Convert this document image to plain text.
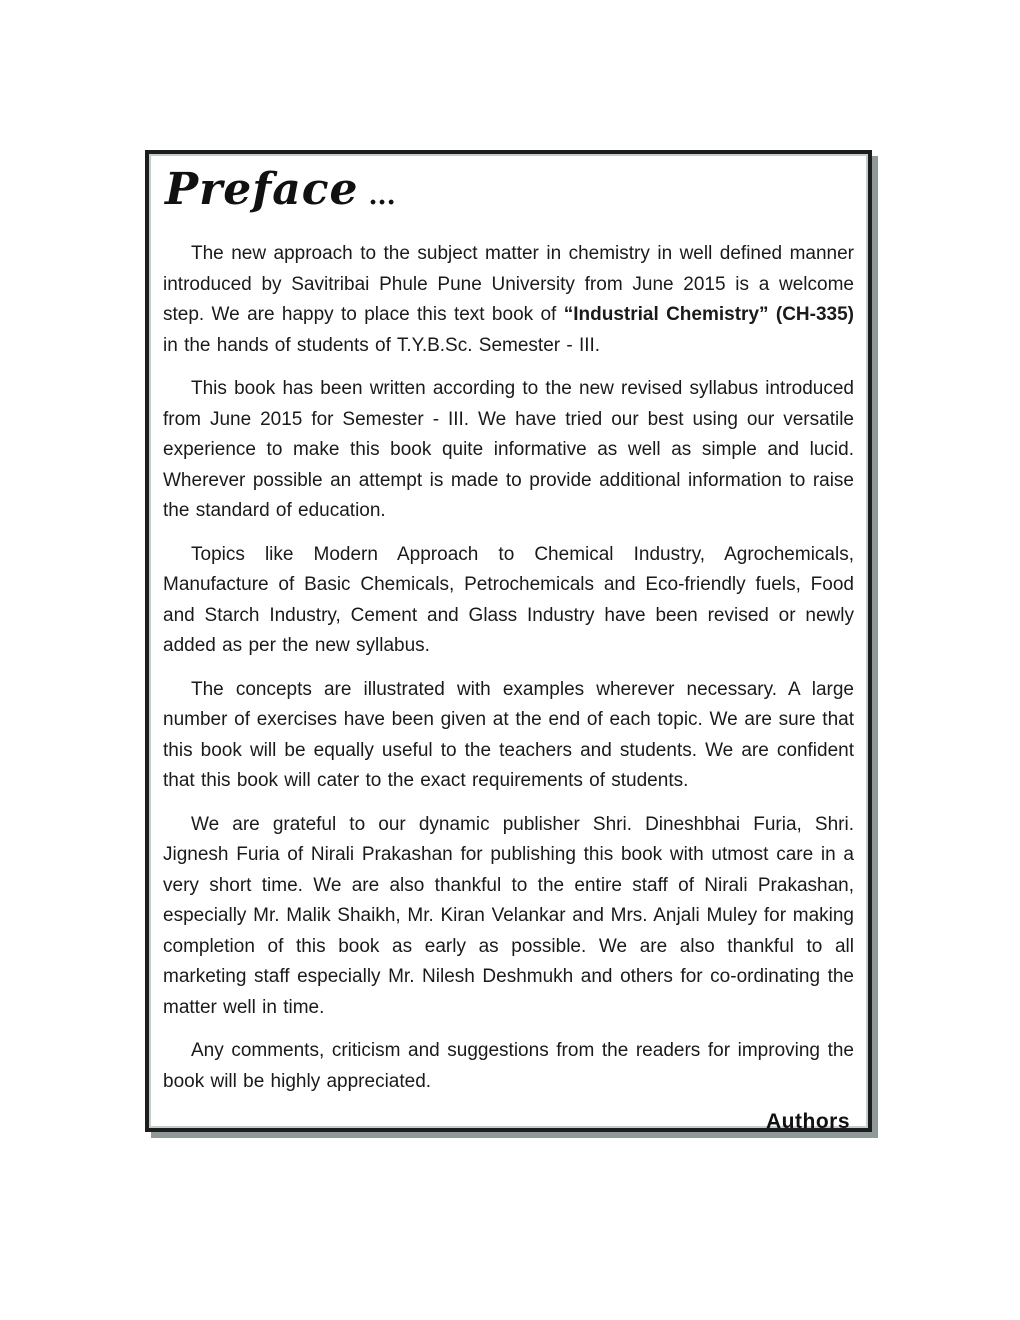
Preface ...

The new approach to the subject matter in chemistry in well defined manner introduced by Savitribai Phule Pune University from June 2015 is a welcome step. We are happy to place this text book of “Industrial Chemistry” (CH-335) in the hands of students of T.Y.B.Sc. Semester - III.

This book has been written according to the new revised syllabus introduced from June 2015 for Semester - III. We have tried our best using our versatile experience to make this book quite informative as well as simple and lucid. Wherever possible an attempt is made to provide additional information to raise the standard of education.

Topics like Modern Approach to Chemical Industry, Agrochemicals, Manufacture of Basic Chemicals, Petrochemicals and Eco-friendly fuels, Food and Starch Industry, Cement and Glass Industry have been revised or newly added as per the new syllabus.

The concepts are illustrated with examples wherever necessary. A large number of exercises have been given at the end of each topic. We are sure that this book will be equally useful to the teachers and students. We are confident that this book will cater to the exact requirements of students.

We are grateful to our dynamic publisher Shri. Dineshbhai Furia, Shri. Jignesh Furia of Nirali Prakashan for publishing this book with utmost care in a very short time. We are also thankful to the entire staff of Nirali Prakashan, especially Mr. Malik Shaikh, Mr. Kiran Velankar and Mrs. Anjali Muley for making completion of this book as early as possible. We are also thankful to all marketing staff especially Mr. Nilesh Deshmukh and others for co-ordinating the matter well in time.

Any comments, criticism and suggestions from the readers for improving the book will be highly appreciated.

Authors
